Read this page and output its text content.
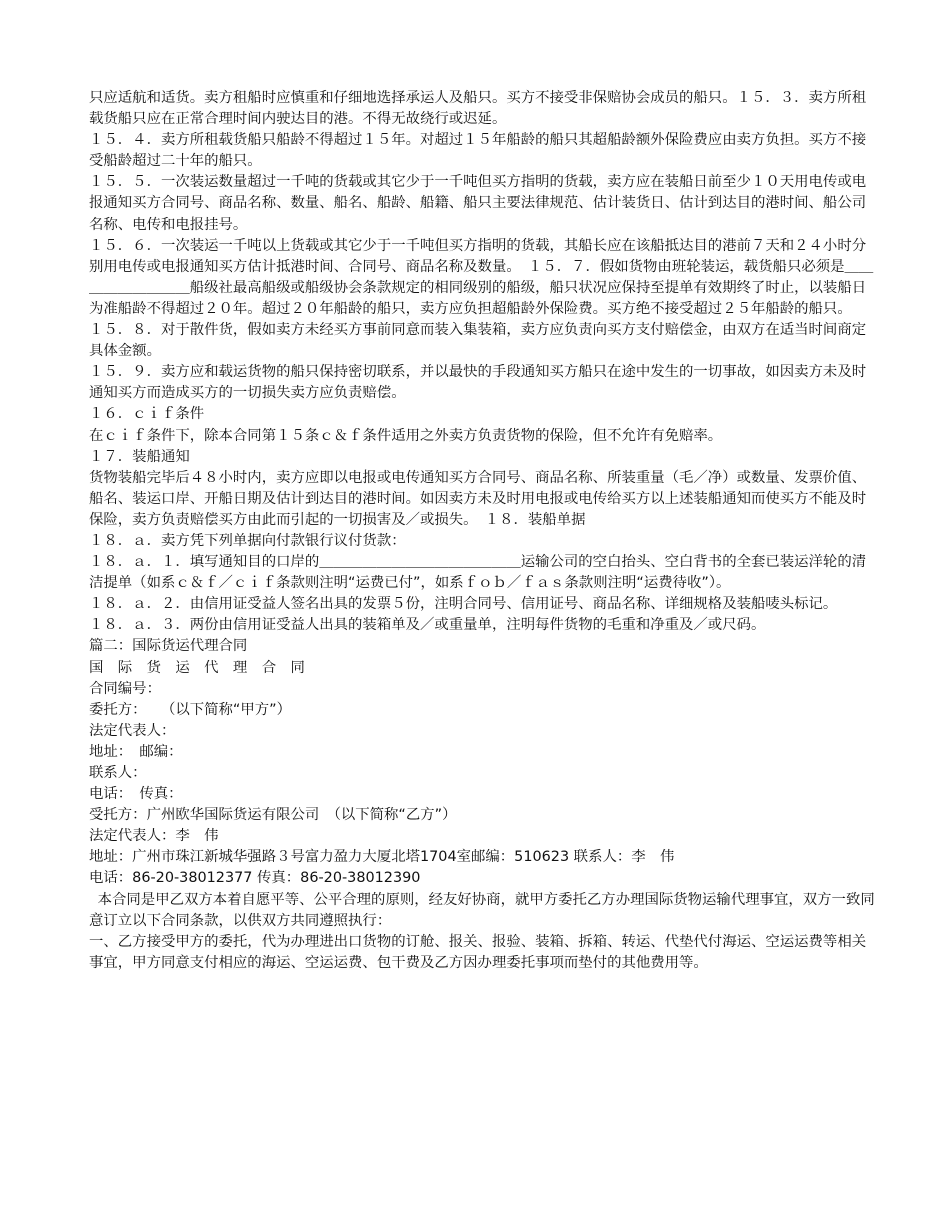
只应适航和适货。卖方租船时应慎重和仔细地选择承运人及船只。买方不接受非保赔协会成员的船只。１５．３．卖方所租载货船只应在正常合理时间内驶达目的港。不得无故绕行或迟延。

１５．４．卖方所租载货船只船龄不得超过１５年。对超过１５年船龄的船只其超船龄额外保险费应由卖方负担。买方不接受船龄超过二十年的船只。

１５．５．一次装运数量超过一千吨的货载或其它少于一千吨但买方指明的货载，卖方应在装船日前至少１０天用电传或电报通知买方合同号、商品名称、数量、船名、船龄、船籍、船只主要法律规范、估计装货日、估计到达目的港时间、船公司名称、电传和电报挂号。

１５．６．一次装运一千吨以上货载或其它少于一千吨但买方指明的货载，其船长应在该船抵达目的港前７天和２４小时分别用电传或电报通知买方估计抵港时间、合同号、商品名称及数量。　１５．７．假如货物由班轮装运，载货船只必须是＿＿＿＿＿＿＿＿＿船级社最高船级或船级协会条款规定的相同级别的船级，船只状况应保持至提单有效期终了时止，以装船日为准船龄不得超过２０年。超过２０年船龄的船只，卖方应负担超船龄外保险费。买方绝不接受超过２５年船龄的船只。

１５．８．对于散件货，假如卖方未经买方事前同意而装入集装箱，卖方应负责向买方支付赔偿金，由双方在适当时间商定具体金额。

１５．９．卖方应和载运货物的船只保持密切联系，并以最快的手段通知买方船只在途中发生的一切事故，如因卖方未及时通知买方而造成买方的一切损失卖方应负责赔偿。

１６．ｃｉｆ条件

在ｃｉｆ条件下，除本合同第１５条ｃ＆ｆ条件适用之外卖方负责货物的保险，但不允许有免赔率。

１７．装船通知

货物装船完毕后４８小时内，卖方应即以电报或电传通知买方合同号、商品名称、所装重量（毛／净）或数量、发票价值、船名、装运口岸、开船日期及估计到达目的港时间。如因卖方未及时用电报或电传给买方以上述装船通知而使买方不能及时保险，卖方负责赔偿买方由此而引起的一切损害及／或损失。　１８．装船单据

１８．ａ．卖方凭下列单据向付款银行议付货款：

１８．ａ．１．填写通知目的口岸的＿＿＿＿＿＿＿＿＿＿＿＿＿＿运输公司的空白抬头、空白背书的全套已装运洋轮的清洁提单（如系ｃ＆ｆ／ｃｉｆ条款则注明“运费已付”，如系ｆｏｂ／ｆａｓ条款则注明“运费待收”）。

１８．ａ．２．由信用证受益人签名出具的发票５份，注明合同号、信用证号、商品名称、详细规格及装船唛头标记。

１８．ａ．３．两份由信用证受益人出具的装箱单及／或重量单，注明每件货物的毛重和净重及／或尺码。

篇二：国际货运代理合同

国　际　货　运　代　理　合　同

合同编号：

委托方：　　（以下简称“甲方”）

法定代表人：

地址：　邮编：

联系人：

电话：　传真：

受托方：广州欧华国际货运有限公司　（以下简称“乙方”）

法定代表人：李　伟

地址：广州市珠江新城华强路３号富力盈力大厦北塔1704室邮编：510623 联系人：李　伟

电话：86-20-38012377 传真：86-20-38012390

本合同是甲乙双方本着自愿平等、公平合理的原则，经友好协商，就甲方委托乙方办理国际货物运输代理事宜，双方一致同意订立以下合同条款，以供双方共同遵照执行：

一、乙方接受甲方的委托，代为办理进出口货物的订舱、报关、报验、装箱、拆箱、转运、代垫代付海运、空运运费等相关事宜，甲方同意支付相应的海运、空运运费、包干费及乙方因办理委托事项而垫付的其他费用等。
